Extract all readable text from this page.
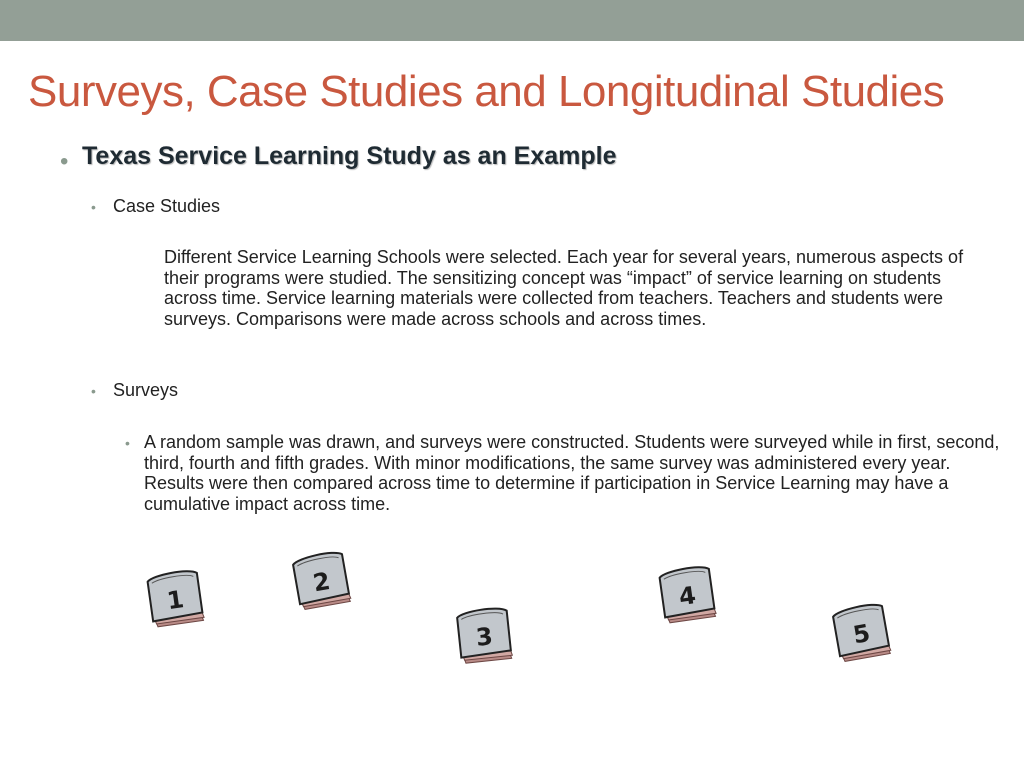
Surveys, Case Studies and Longitudinal Studies
• Texas Service Learning Study as an Example
• Case Studies

Different Service Learning Schools were selected. Each year for several years, numerous aspects of their programs were studied. The sensitizing concept was “impact” of service learning on students across time. Service learning materials were collected from teachers. Teachers and students were surveys. Comparisons were made across schools and across times.

• Surveys
• A random sample was drawn, and surveys were constructed. Students were surveyed while in first, second, third, fourth and fifth grades. With minor modifications, the same survey was administered every year. Results were then compared across time to determine if participation in Service Learning may have a cumulative impact across time.

1
2
3
4
5
